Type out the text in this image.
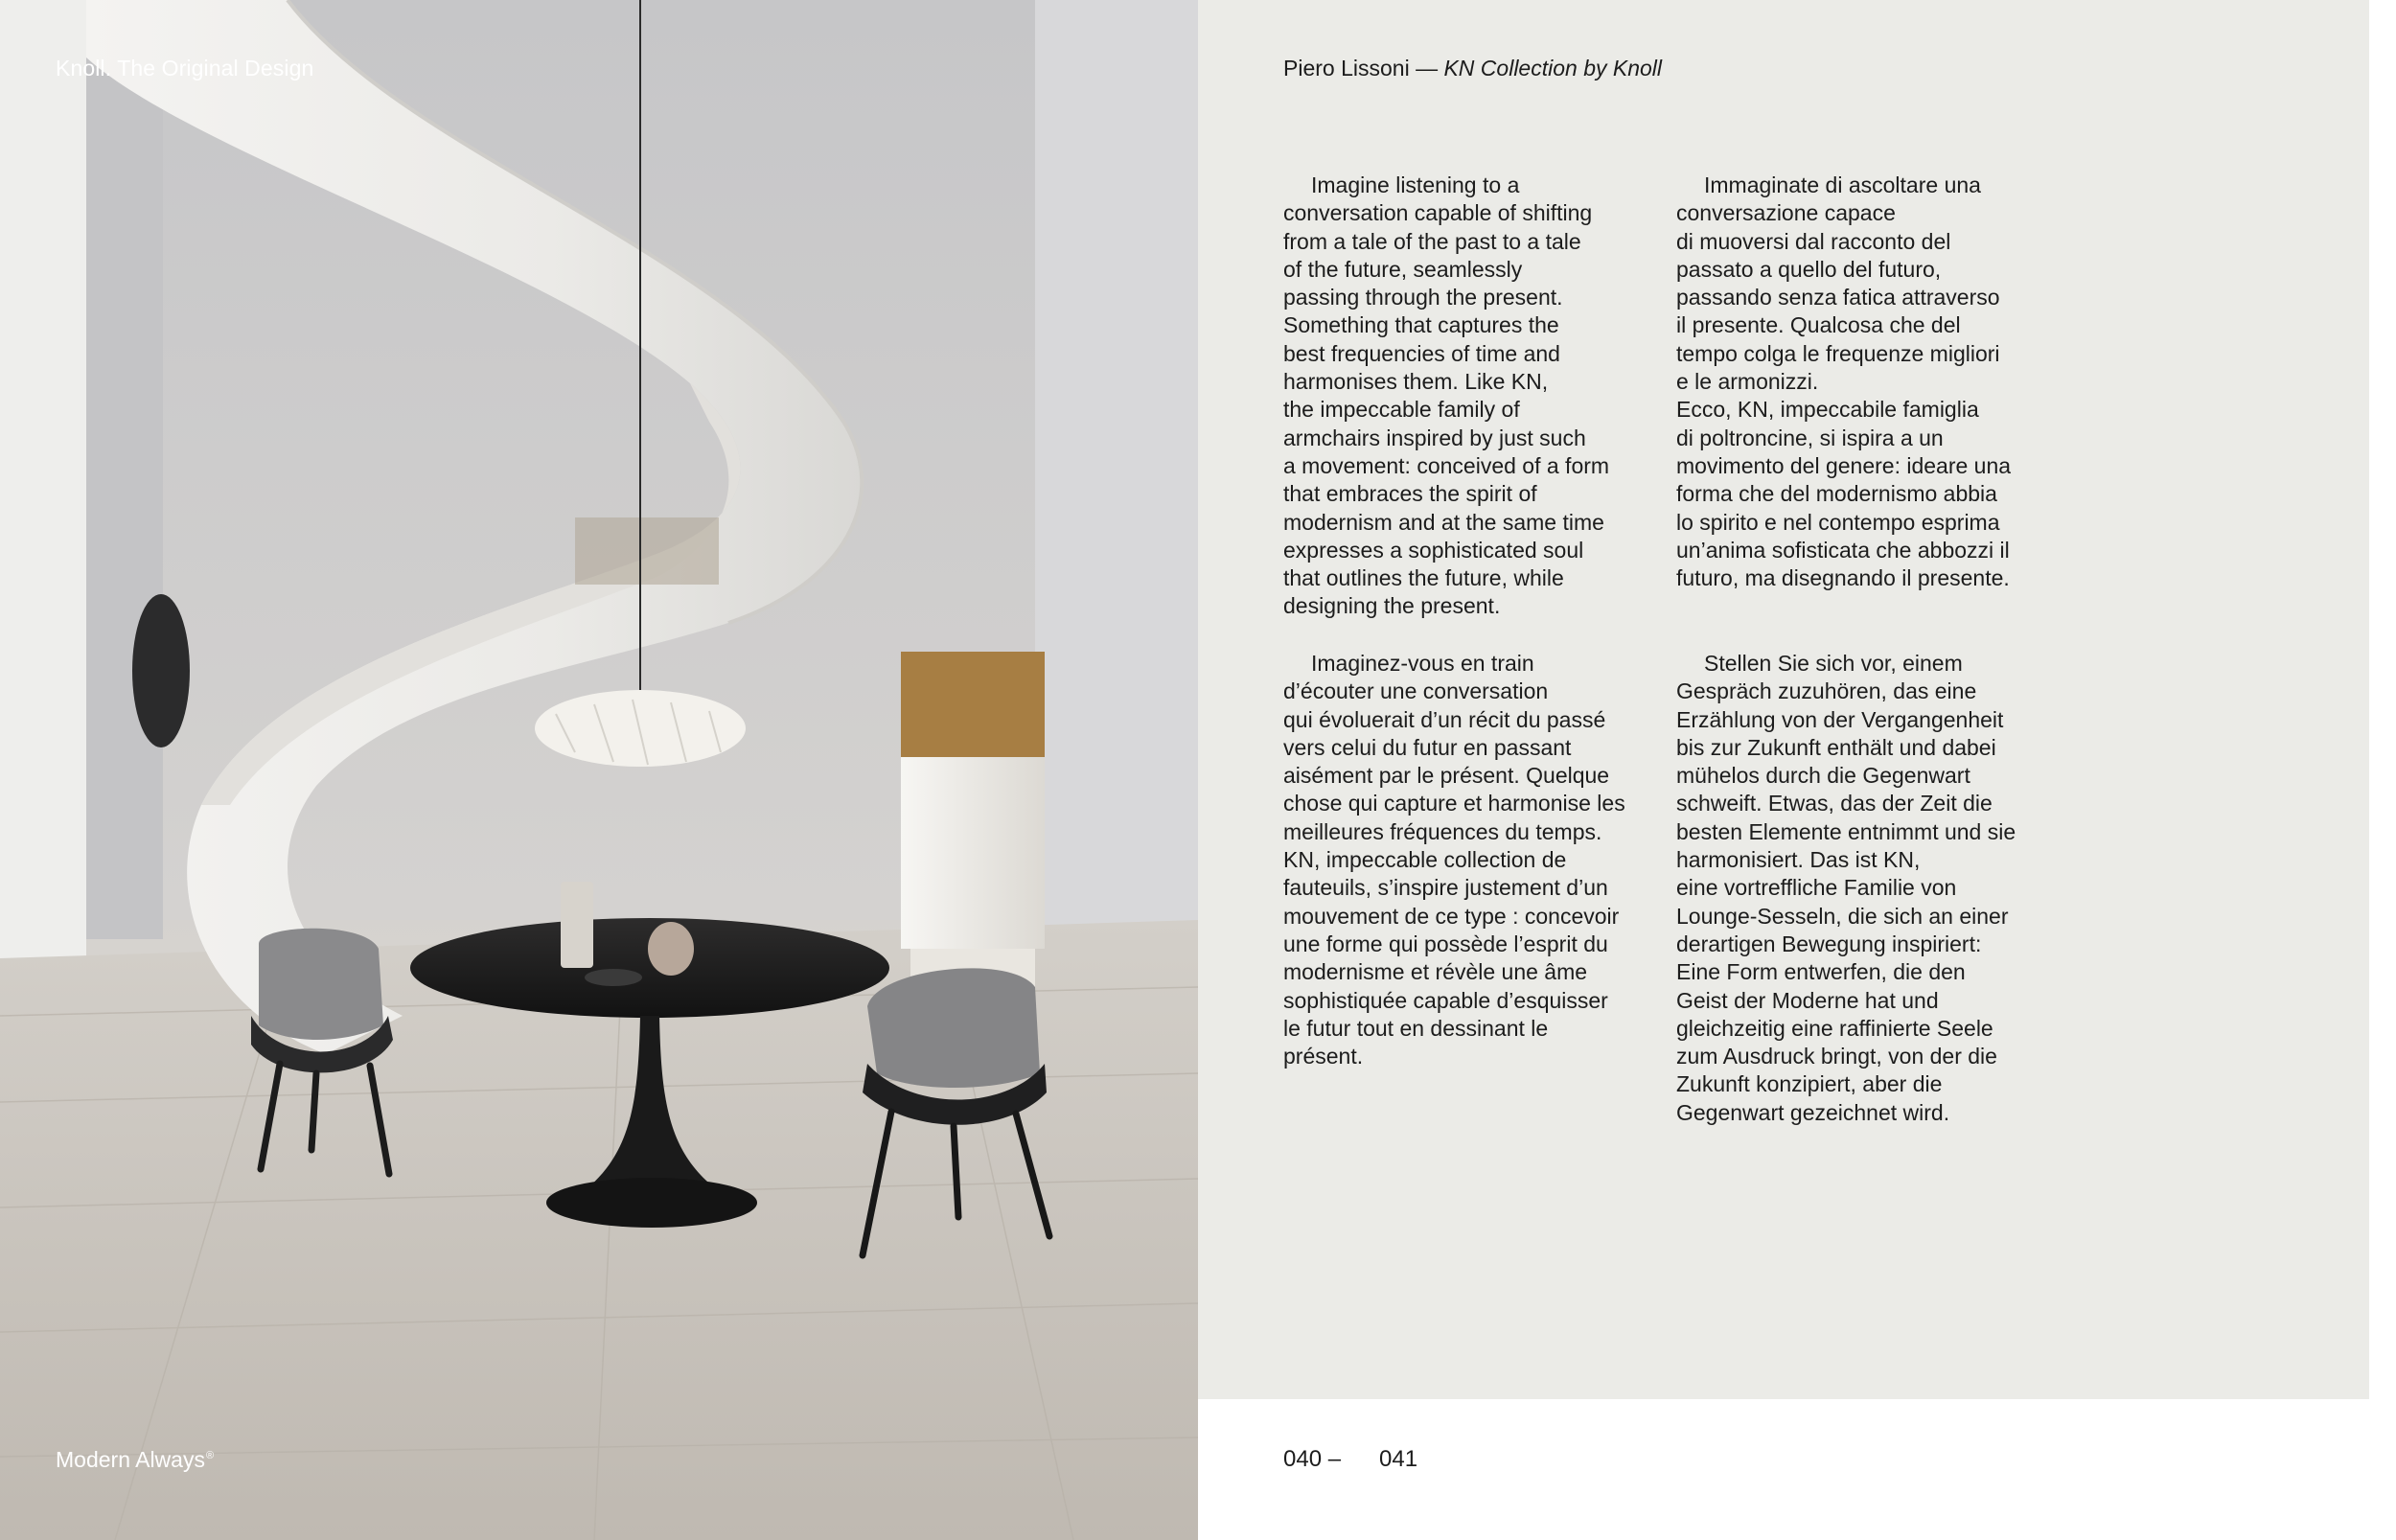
Knoll. The Original Design
Modern Always®
Piero Lissoni — KN Collection by Knoll
Imagine listening to a
conversation capable of shifting
from a tale of the past to a tale
of the future, seamlessly
passing through the present.
Something that captures the
best frequencies of time and
harmonises them. Like KN,
the impeccable family of
armchairs inspired by just such
a movement: conceived of a form
that embraces the spirit of
modernism and at the same time
expresses a sophisticated soul
that outlines the future, while
designing the present.
Immaginate di ascoltare una
conversazione capace
di muoversi dal racconto del
passato a quello del futuro,
passando senza fatica attraverso
il presente. Qualcosa che del
tempo colga le frequenze migliori
e le armonizzi.
Ecco, KN, impeccabile famiglia
di poltroncine, si ispira a un
movimento del genere: ideare una
forma che del modernismo abbia
lo spirito e nel contempo esprima
un’anima sofisticata che abbozzi il
futuro, ma disegnando il presente.
Imaginez-vous en train
d’écouter une conversation
qui évoluerait d’un récit du passé
vers celui du futur en passant
aisément par le présent. Quelque
chose qui capture et harmonise les
meilleures fréquences du temps.
KN, impeccable collection de
fauteuils, s’inspire justement d’un
mouvement de ce type : concevoir
une forme qui possède l’esprit du
modernisme et révèle une âme
sophistiquée capable d’esquisser
le futur tout en dessinant le
présent.
Stellen Sie sich vor, einem
Gespräch zuzuhören, das eine
Erzählung von der Vergangenheit
bis zur Zukunft enthält und dabei
mühelos durch die Gegenwart
schweift. Etwas, das der Zeit die
besten Elemente entnimmt und sie
harmonisiert. Das ist KN,
eine vortreffliche Familie von
Lounge-Sesseln, die sich an einer
derartigen Bewegung inspiriert:
Eine Form entwerfen, die den
Geist der Moderne hat und
gleichzeitig eine raffinierte Seele
zum Ausdruck bringt, von der die
Zukunft konzipiert, aber die
Gegenwart gezeichnet wird.
040 – 041
